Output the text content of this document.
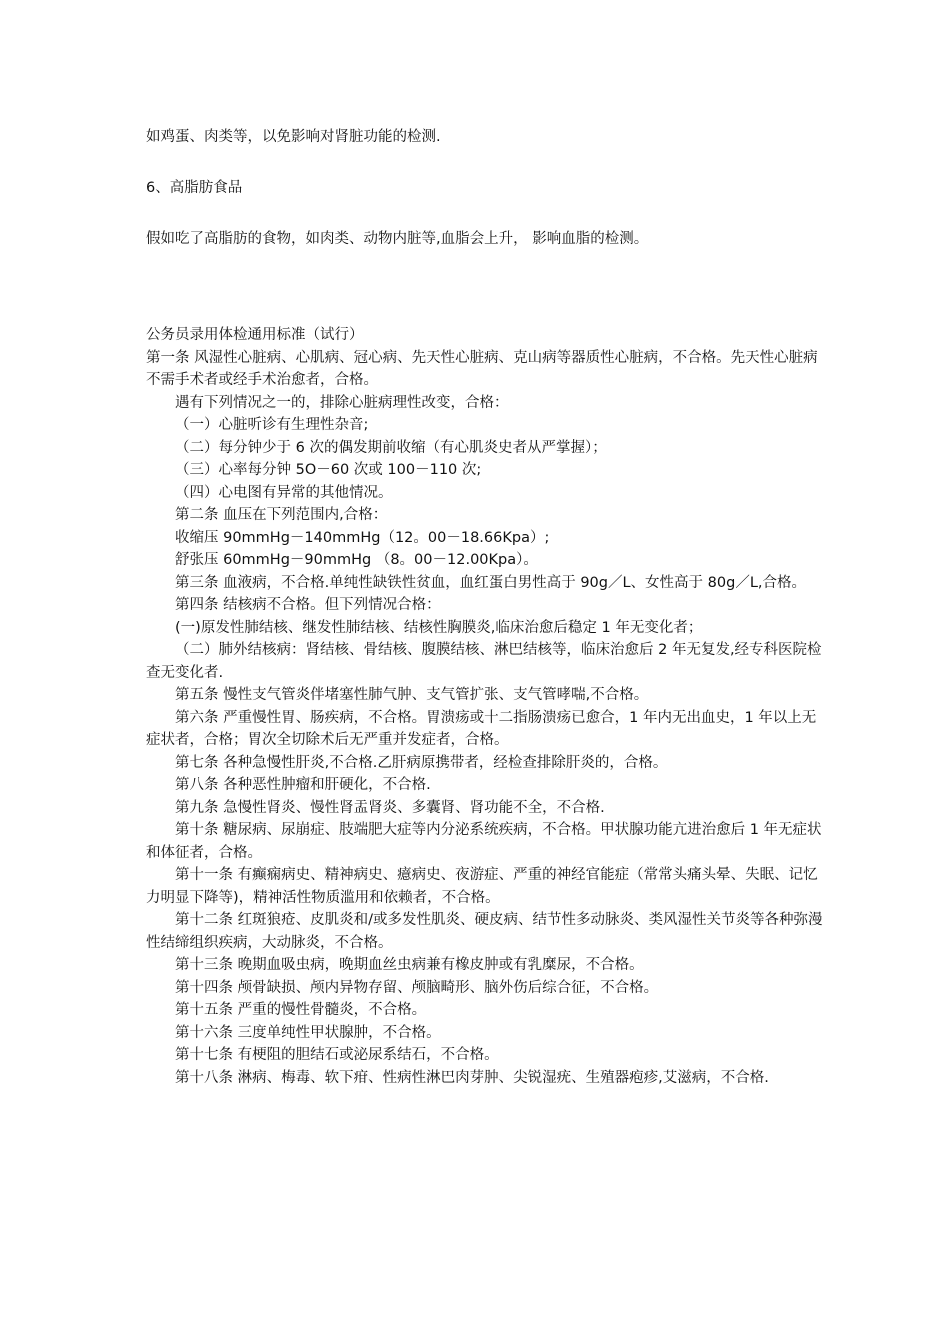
如鸡蛋、肉类等，以免影响对肾脏功能的检测.
6、高脂肪食品
假如吃了高脂肪的食物，如肉类、动物内脏等,血脂会上升， 影响血脂的检测。
公务员录用体检通用标准（试行）
第一条 风湿性心脏病、心肌病、冠心病、先天性心脏病、克山病等器质性心脏病，不合格。先天性心脏病不需手术者或经手术治愈者，合格。
遇有下列情况之一的，排除心脏病理性改变，合格：
（一）心脏听诊有生理性杂音;
（二）每分钟少于 6 次的偶发期前收缩（有心肌炎史者从严掌握）；
（三）心率每分钟 5O－60 次或 100－110 次;
（四）心电图有异常的其他情况。
第二条 血压在下列范围内,合格：
收缩压 90mmHg－140mmHg（12。00－18.66Kpa）;
舒张压 60mmHg－90mmHg （8。00－12.00Kpa）。
第三条 血液病，不合格.单纯性缺铁性贫血，血红蛋白男性高于 90g／L、女性高于 80g／L,合格。
第四条 结核病不合格。但下列情况合格：
(一)原发性肺结核、继发性肺结核、结核性胸膜炎,临床治愈后稳定 1 年无变化者；
（二）肺外结核病：肾结核、骨结核、腹膜结核、淋巴结核等，临床治愈后 2 年无复发,经专科医院检查无变化者.
第五条 慢性支气管炎伴堵塞性肺气肿、支气管扩张、支气管哮喘,不合格。
第六条 严重慢性胃、肠疾病，不合格。胃溃疡或十二指肠溃疡已愈合，1 年内无出血史，1 年以上无症状者，合格；胃次全切除术后无严重并发症者，合格。
第七条 各种急慢性肝炎,不合格.乙肝病原携带者，经检查排除肝炎的，合格。
第八条 各种恶性肿瘤和肝硬化，不合格.
第九条 急慢性肾炎、慢性肾盂肾炎、多囊肾、肾功能不全，不合格.
第十条 糖尿病、尿崩症、肢端肥大症等内分泌系统疾病，不合格。甲状腺功能亢进治愈后 1 年无症状和体征者，合格。
第十一条 有癫痫病史、精神病史、癔病史、夜游症、严重的神经官能症（常常头痛头晕、失眠、记忆力明显下降等)，精神活性物质滥用和依赖者，不合格。
第十二条 红斑狼疮、皮肌炎和/或多发性肌炎、硬皮病、结节性多动脉炎、类风湿性关节炎等各种弥漫性结缔组织疾病，大动脉炎，不合格。
第十三条 晚期血吸虫病，晚期血丝虫病兼有橡皮肿或有乳糜尿，不合格。
第十四条 颅骨缺损、颅内异物存留、颅脑畸形、脑外伤后综合征，不合格。
第十五条 严重的慢性骨髓炎，不合格。
第十六条 三度单纯性甲状腺肿，不合格。
第十七条 有梗阻的胆结石或泌尿系结石，不合格。
第十八条 淋病、梅毒、软下疳、性病性淋巴肉芽肿、尖锐湿疣、生殖器疱疹,艾滋病，不合格.
